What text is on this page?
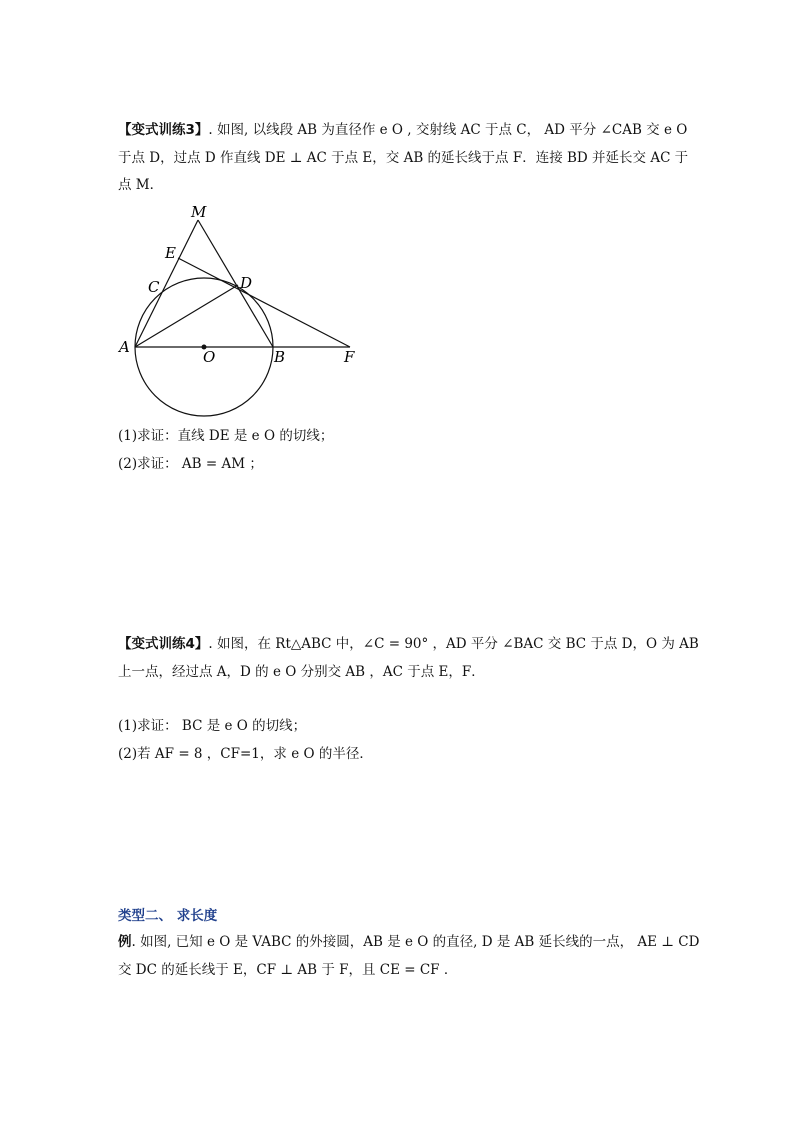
【变式训练3】. 如图, 以线段 AB 为直径作 e O , 交射线 AC 于点 C， AD 平分 ∠CAB 交 e O
于点 D，过点 D 作直线 DE ⊥ AC 于点 E，交 AB 的延长线于点 F．连接 BD 并延长交 AC 于
点 M．
M
E
C	D
A
O	B	F
(1)求证：直线 DE 是 e O 的切线；
(2)求证： AB = AM ；
【变式训练4】. 如图，在 Rt△ABC 中，∠C = 90° ，AD 平分 ∠BAC 交 BC 于点 D，O 为 AB
上一点，经过点 A，D 的 e O 分别交 AB ，AC 于点 E，F．
(1)求证： BC 是 e O 的切线；
(2)若 AF = 8 ，CF=1，求 e O 的半径．
类型二、 求长度
例. 如图, 已知 e O 是 VABC 的外接圆，AB 是 e O 的直径, D 是 AB 延长线的一点， AE ⊥ CD
交 DC 的延长线于 E，CF ⊥ AB 于 F，且 CE = CF ．
